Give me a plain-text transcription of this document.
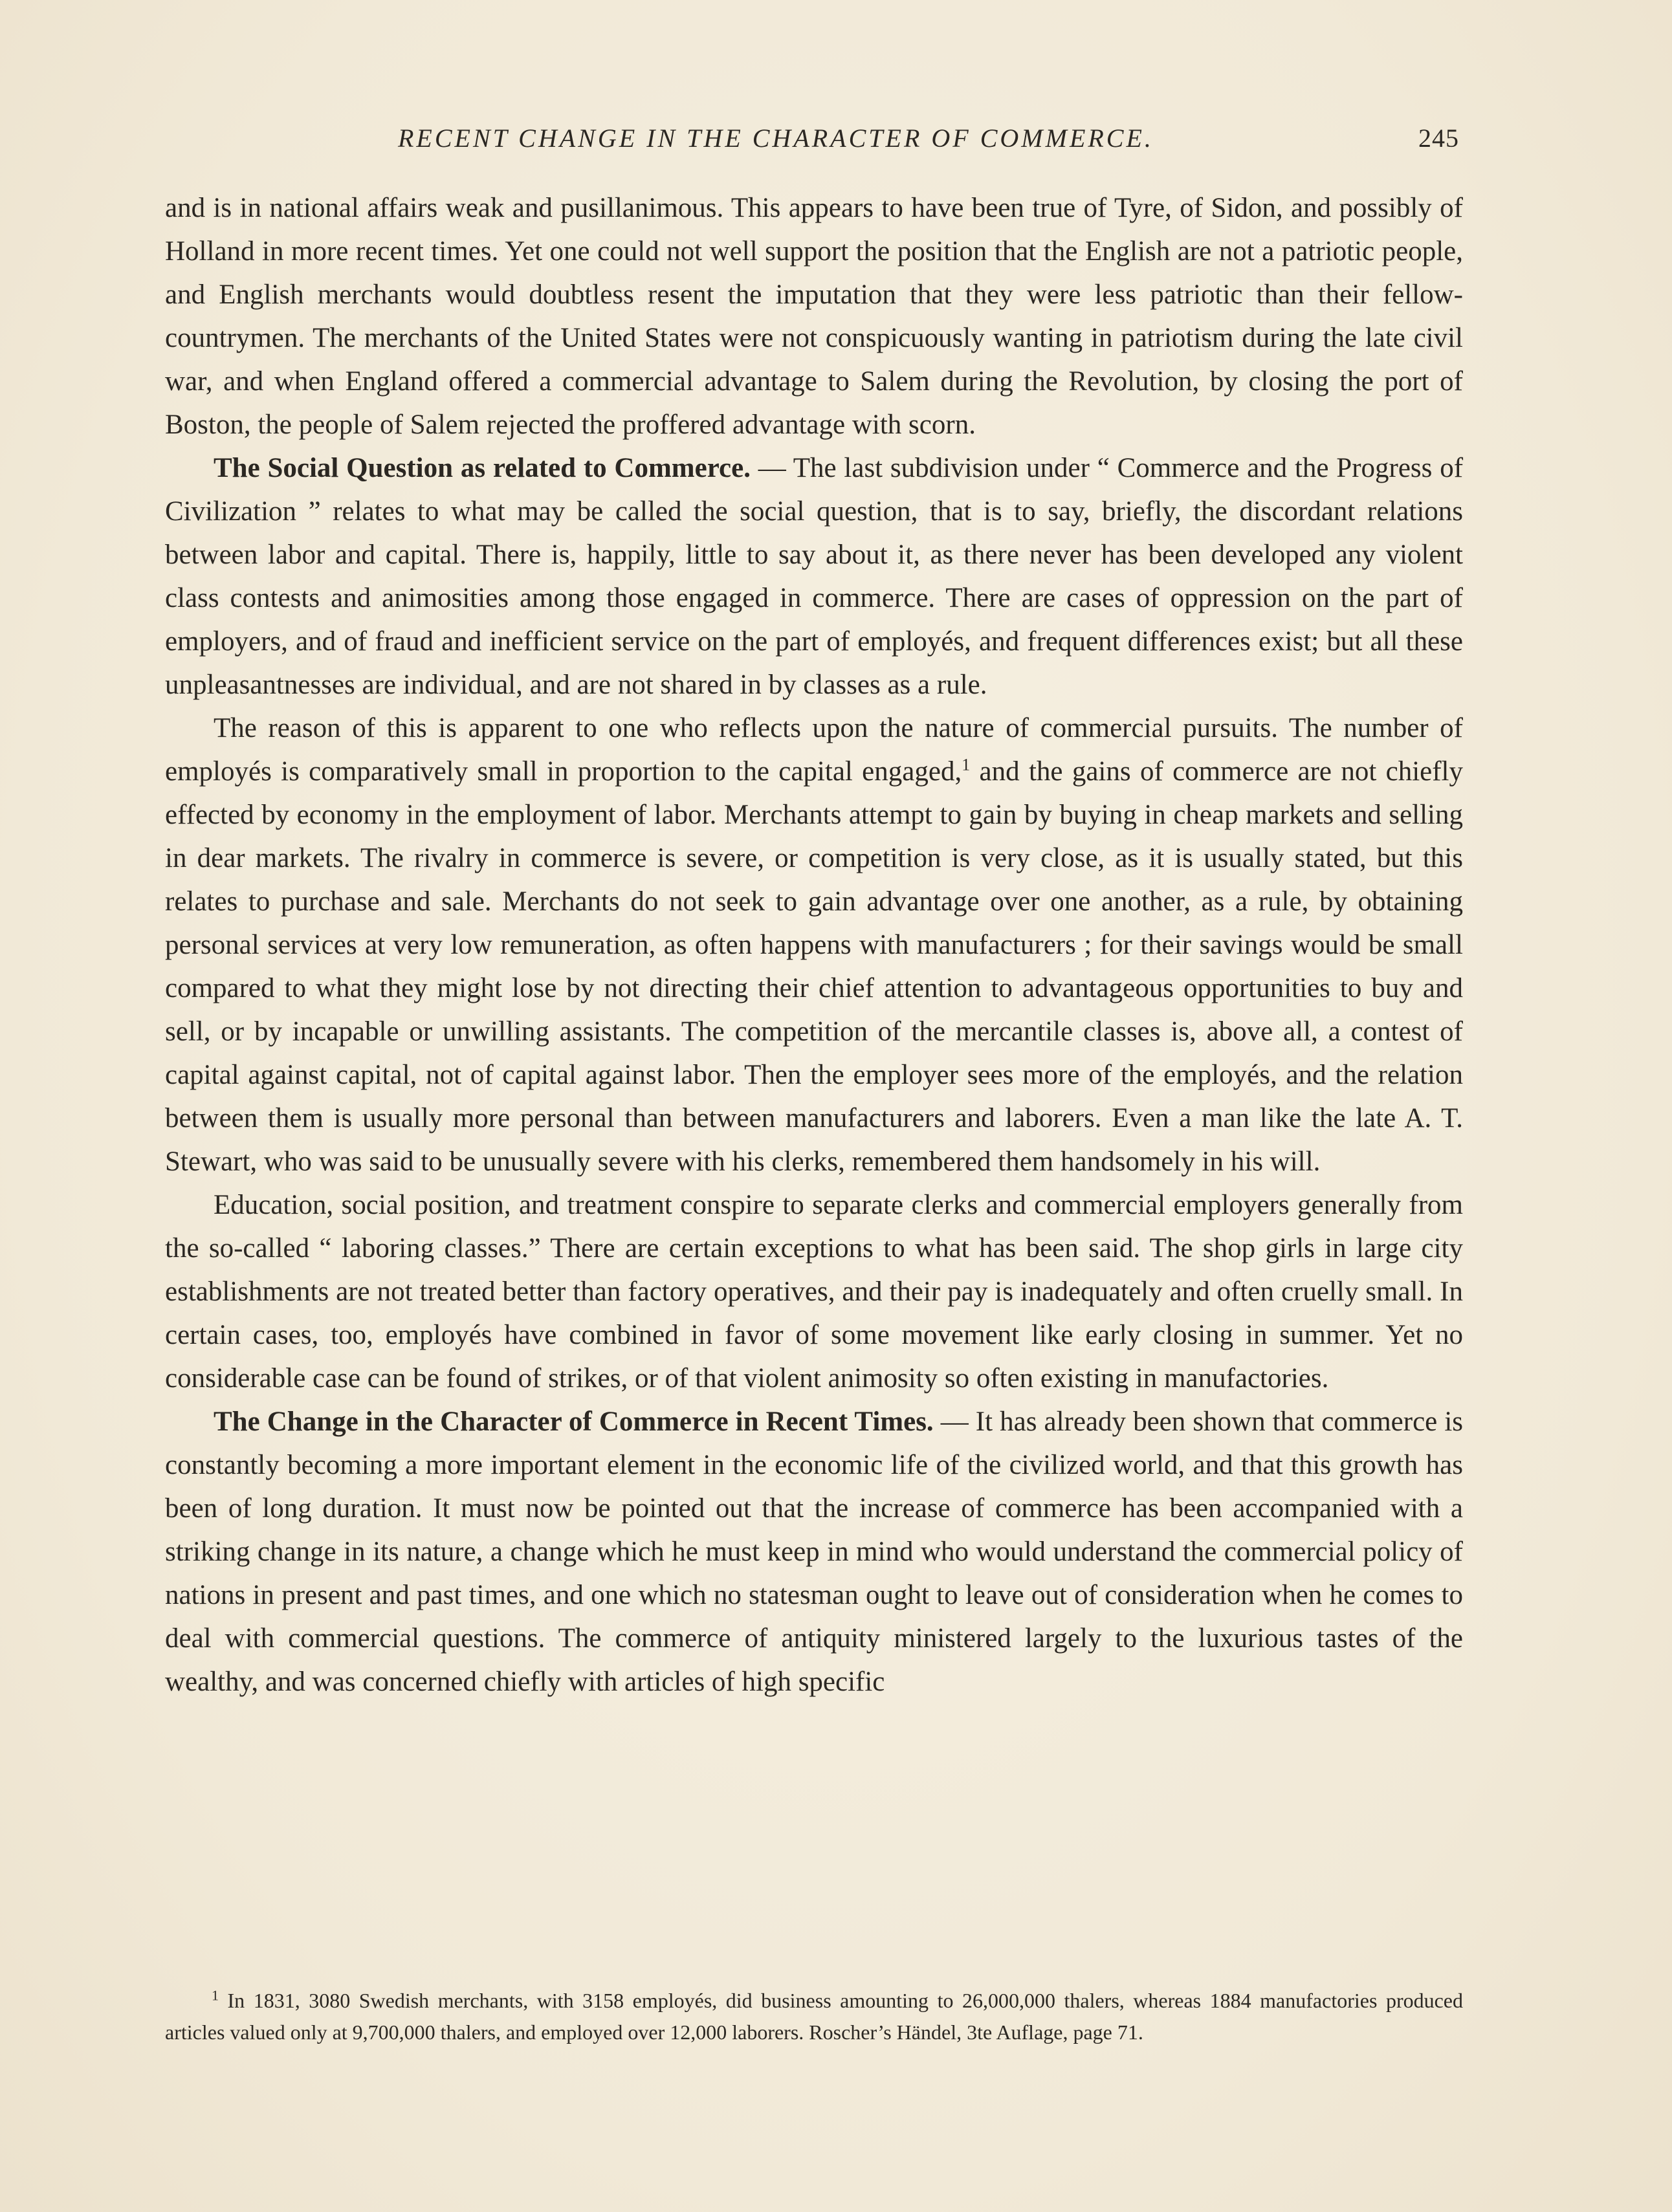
RECENT CHANGE IN THE CHARACTER OF COMMERCE.	245

and is in national affairs weak and pusillanimous. This appears to have been true of Tyre, of Sidon, and possibly of Holland in more recent times. Yet one could not well support the position that the English are not a patriotic people, and English merchants would doubtless resent the imputation that they were less patriotic than their fellow-countrymen. The merchants of the United States were not conspicuously wanting in patriotism during the late civil war, and when England offered a commercial advantage to Salem during the Revolution, by closing the port of Boston, the people of Salem rejected the proffered advantage with scorn.

The Social Question as related to Commerce. — The last subdivision under “ Commerce and the Progress of Civilization ” relates to what may be called the social question, that is to say, briefly, the discordant relations between labor and capital. There is, happily, little to say about it, as there never has been developed any violent class contests and animosities among those engaged in commerce. There are cases of oppression on the part of employers, and of fraud and inefficient service on the part of employés, and frequent differences exist; but all these unpleasantnesses are individual, and are not shared in by classes as a rule.

The reason of this is apparent to one who reflects upon the nature of commercial pursuits. The number of employés is comparatively small in proportion to the capital engaged,$^1$ and the gains of commerce are not chiefly effected by economy in the employment of labor. Merchants attempt to gain by buying in cheap markets and selling in dear markets. The rivalry in commerce is severe, or competition is very close, as it is usually stated, but this relates to purchase and sale. Merchants do not seek to gain advantage over one another, as a rule, by obtaining personal services at very low remuneration, as often happens with manufacturers ; for their savings would be small compared to what they might lose by not directing their chief attention to advantageous opportunities to buy and sell, or by incapable or unwilling assistants. The competition of the mercantile classes is, above all, a contest of capital against capital, not of capital against labor. Then the employer sees more of the employés, and the relation between them is usually more personal than between manufacturers and laborers. Even a man like the late A. T. Stewart, who was said to be unusually severe with his clerks, remembered them handsomely in his will.

Education, social position, and treatment conspire to separate clerks and commercial employers generally from the so-called “ laboring classes.” There are certain exceptions to what has been said. The shop girls in large city establishments are not treated better than factory operatives, and their pay is inadequately and often cruelly small. In certain cases, too, employés have combined in favor of some movement like early closing in summer. Yet no considerable case can be found of strikes, or of that violent animosity so often existing in manufactories.

The Change in the Character of Commerce in Recent Times. — It has already been shown that commerce is constantly becoming a more important element in the economic life of the civilized world, and that this growth has been of long duration. It must now be pointed out that the increase of commerce has been accompanied with a striking change in its nature, a change which he must keep in mind who would understand the commercial policy of nations in present and past times, and one which no statesman ought to leave out of consideration when he comes to deal with commercial questions. The commerce of antiquity ministered largely to the luxurious tastes of the wealthy, and was concerned chiefly with articles of high specific

$^1$ In 1831, 3080 Swedish merchants, with 3158 employés, did business amounting to 26,000,000 thalers, whereas 1884 manufactories produced articles valued only at 9,700,000 thalers, and employed over 12,000 laborers. Roscher’s Händel, 3te Auflage, page 71.
